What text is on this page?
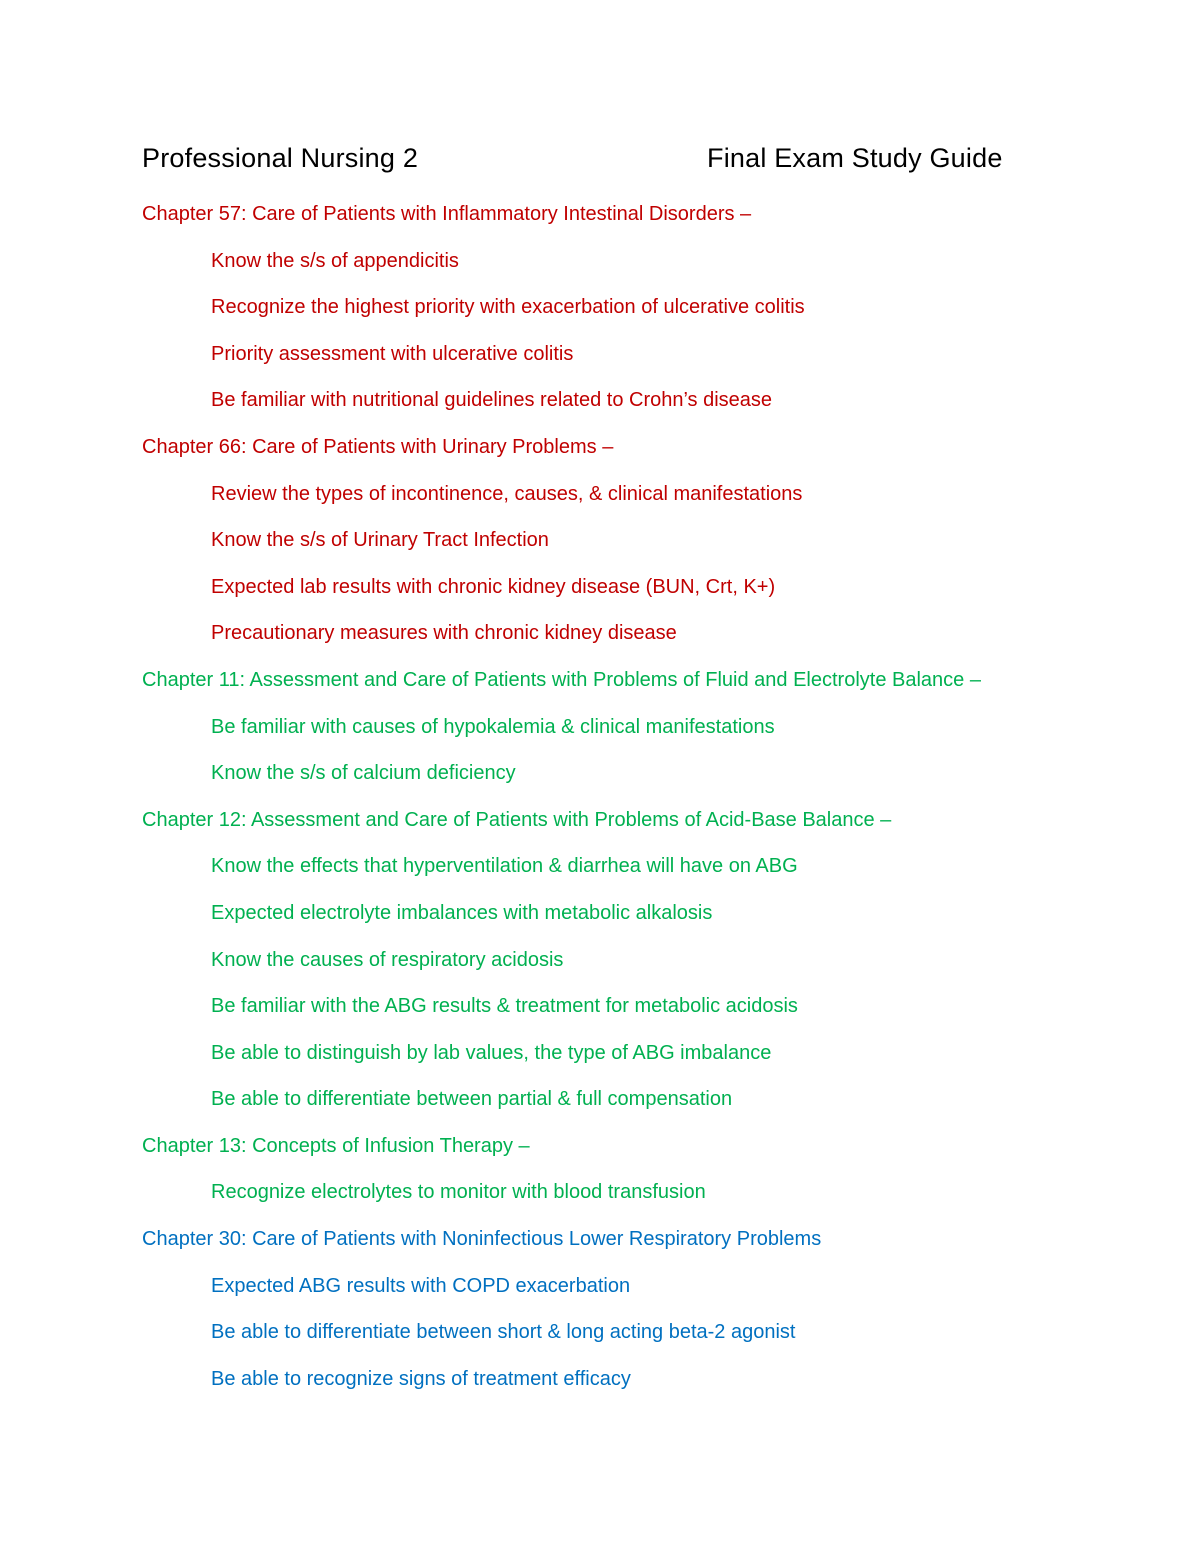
Professional Nursing 2	Final Exam Study Guide
Chapter 57: Care of Patients with Inflammatory Intestinal Disorders –
Know the s/s of appendicitis
Recognize the highest priority with exacerbation of ulcerative colitis
Priority assessment with ulcerative colitis
Be familiar with nutritional guidelines related to Crohn’s disease
Chapter 66: Care of Patients with Urinary Problems –
Review the types of incontinence, causes, & clinical manifestations
Know the s/s of Urinary Tract Infection
Expected lab results with chronic kidney disease (BUN, Crt, K+)
Precautionary measures with chronic kidney disease
Chapter 11: Assessment and Care of Patients with Problems of Fluid and Electrolyte Balance –
Be familiar with causes of hypokalemia & clinical manifestations
Know the s/s of calcium deficiency
Chapter 12: Assessment and Care of Patients with Problems of Acid-Base Balance –
Know the effects that hyperventilation & diarrhea will have on ABG
Expected electrolyte imbalances with metabolic alkalosis
Know the causes of respiratory acidosis
Be familiar with the ABG results & treatment for metabolic acidosis
Be able to distinguish by lab values, the type of ABG imbalance
Be able to differentiate between partial & full compensation
Chapter 13: Concepts of Infusion Therapy –
Recognize electrolytes to monitor with blood transfusion
Chapter 30: Care of Patients with Noninfectious Lower Respiratory Problems
Expected ABG results with COPD exacerbation
Be able to differentiate between short & long acting beta-2 agonist
Be able to recognize signs of treatment efficacy
